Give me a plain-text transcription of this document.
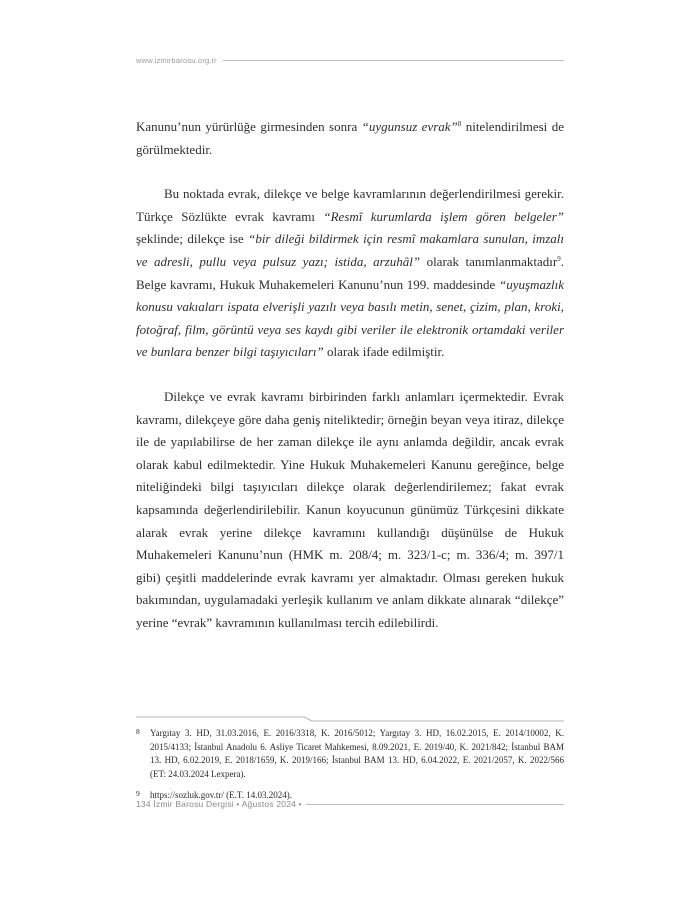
www.izmirbarosu.org.tr

Kanunu’nun yürürlüğe girmesinden sonra “uygunsuz evrak”$^8$ nitelendirilmesi de görülmektedir.

Bu noktada evrak, dilekçe ve belge kavramlarının değerlendirilmesi gerekir. Türkçe Sözlükte evrak kavramı “Resmî kurumlarda işlem gören belgeler” şeklinde; dilekçe ise “bir dileği bildirmek için resmî makamlara sunulan, imzalı ve adresli, pullu veya pulsuz yazı; istida, arzuhâl” olarak tanımlanmaktadır$^9$. Belge kavramı, Hukuk Muhakemeleri Kanunu’nun 199. maddesinde “uyuşmazlık konusu vakıaları ispata elverişli yazılı veya basılı metin, senet, çizim, plan, kroki, fotoğraf, film, görüntü veya ses kaydı gibi veriler ile elektronik ortamdaki veriler ve bunlara benzer bilgi taşıyıcıları” olarak ifade edilmiştir.

Dilekçe ve evrak kavramı birbirinden farklı anlamları içermektedir. Evrak kavramı, dilekçeye göre daha geniş niteliktedir; örneğin beyan veya itiraz, dilekçe ile de yapılabilirse de her zaman dilekçe ile aynı anlamda değildir, ancak evrak olarak kabul edilmektedir. Yine Hukuk Muhakemeleri Kanunu gereğince, belge niteliğindeki bilgi taşıyıcıları dilekçe olarak değerlendirilemez; fakat evrak kapsamında değerlendirilebilir. Kanun koyucunun günümüz Türkçesini dikkate alarak evrak yerine dilekçe kavramını kullandığı düşünülse de Hukuk Muhakemeleri Kanunu’nun (HMK m. 208/4; m. 323/1-c; m. 336/4; m. 397/1 gibi) çeşitli maddelerinde evrak kavramı yer almaktadır. Olması gereken hukuk bakımından, uygulamadaki yerleşik kullanım ve anlam dikkate alınarak “dilekçe” yerine “evrak” kavramının kullanılması tercih edilebilirdi.

8	Yargıtay 3. HD, 31.03.2016, E. 2016/3318, K. 2016/5012; Yargıtay 3. HD, 16.02.2015, E. 2014/10002, K. 2015/4133; İstanbul Anadolu 6. Asliye Ticaret Mahkemesi, 8.09.2021, E. 2019/40, K. 2021/842; İstanbul BAM 13. HD, 6.02.2019, E. 2018/1659, K. 2019/166; İstanbul BAM 13. HD, 6.04.2022, E. 2021/2057, K. 2022/566 (ET: 24.03.2024 Lexpera).
9	https://sozluk.gov.tr/ (E.T. 14.03.2024).
134 İzmir Barosu Dergisi • Ağustos 2024 •
